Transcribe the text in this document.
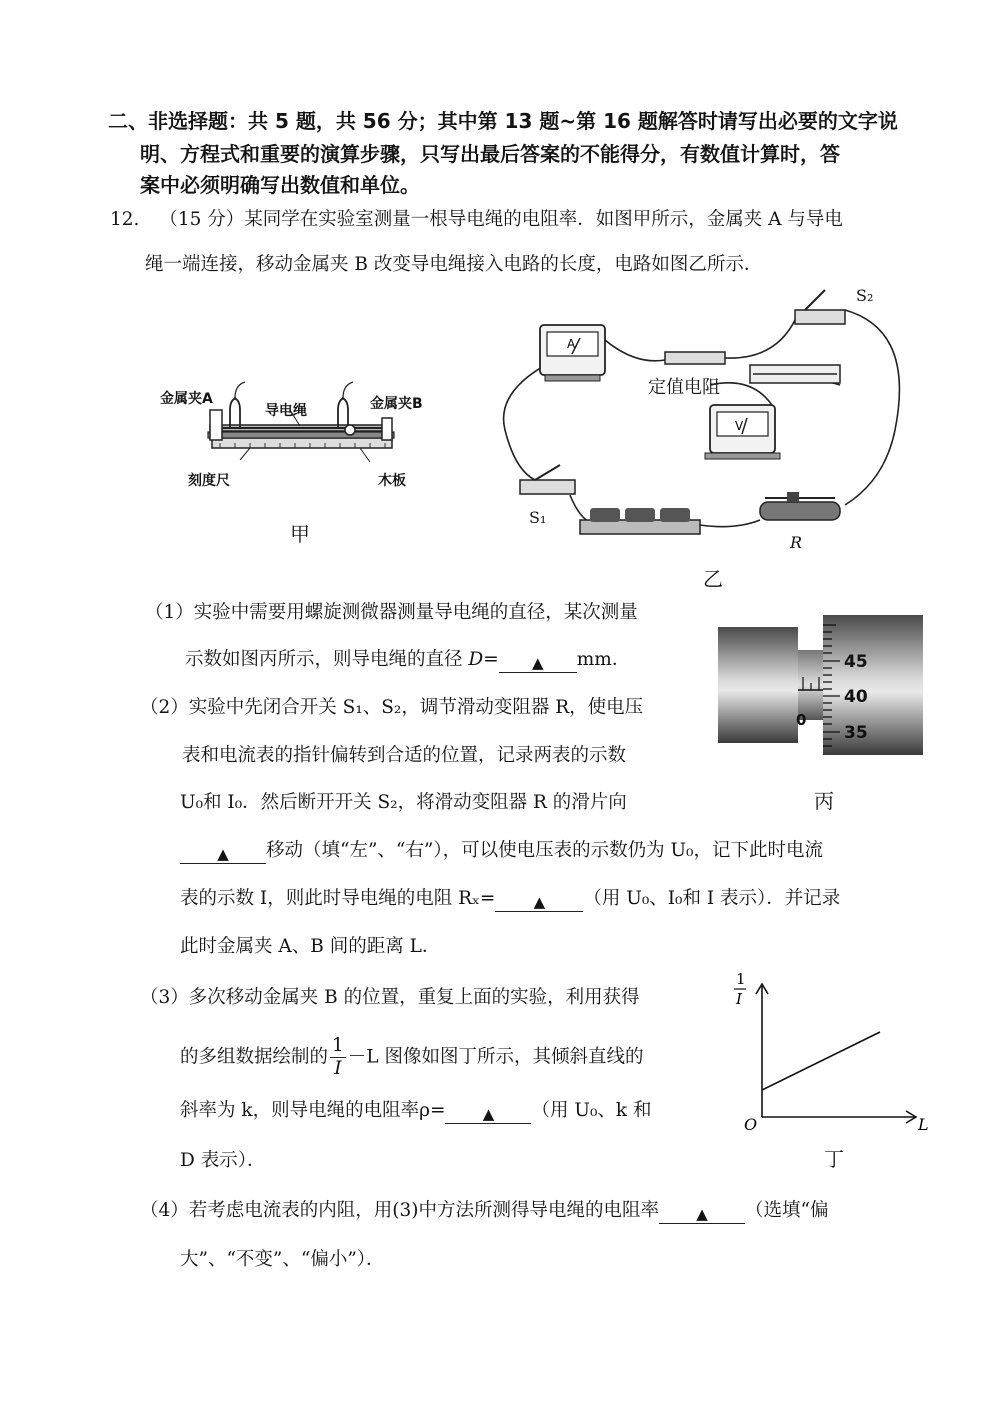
二、非选择题：共 5 题，共 56 分；其中第 13 题~第 16 题解答时请写出必要的文字说
明、方程式和重要的演算步骤，只写出最后答案的不能得分，有数值计算时，答
案中必须明确写出数值和单位。
12. （15 分）某同学在实验室测量一根导电绳的电阻率．如图甲所示，金属夹 A 与导电
绳一端连接，移动金属夹 B 改变导电绳接入电路的长度，电路如图乙所示．
金属夹A
导电绳	金属夹B
刻度尺	木板
甲
A
V
定值电阻
S₁
S₂
R
乙
（1）实验中需要用螺旋测微器测量导电绳的直径，某次测量
示数如图丙所示，则导电绳的直径 D= ▲ mm．
0
45
40
35
丙
（2）实验中先闭合开关 S₁、S₂，调节滑动变阻器 R，使电压
表和电流表的指针偏转到合适的位置，记录两表的示数
U₀和 I₀．然后断开开关 S₂，将滑动变阻器 R 的滑片向
▲ 移动（填“左”、“右”），可以使电压表的示数仍为 U₀，记下此时电流
表的示数 I，则此时导电绳的电阻 Rₓ=	▲ （用 U₀、I₀和 I 表示）．并记录
此时金属夹 A、B 间的距离 L．
（3）多次移动金属夹 B 的位置，重复上面的实验，利用获得
的多组数据绘制的 $\frac{1}{I} -L$ 图像如图丁所示，其倾斜直线的
斜率为 k，则导电绳的电阻率ρ= ▲ （用 U₀、k 和
D 表示）．
1
I
L
O
丁
（4）若考虑电流表的内阻，用(3)中方法所测得导电绳的电阻率 ▲ （选填“偏
大”、“不变”、“偏小”）．
